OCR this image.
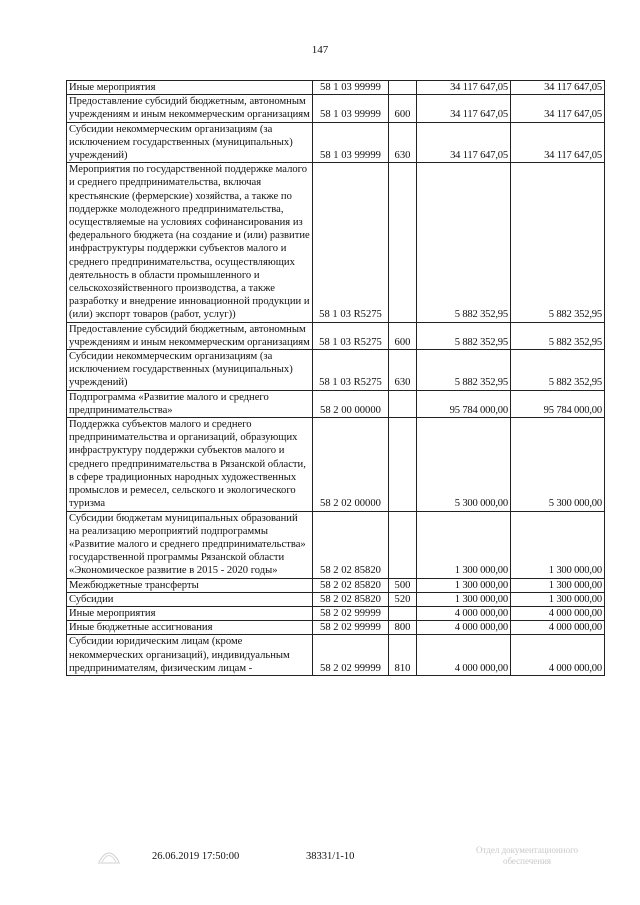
147
Иные мероприятия	58 1 03 99999		34 117 647,05	34 117 647,05
Предоставление субсидий бюджетным, автономным учреждениям и иным некоммерческим организациям	58 1 03 99999	600	34 117 647,05	34 117 647,05
Субсидии некоммерческим организациям (за исключением государственных (муниципальных) учреждений)	58 1 03 99999	630	34 117 647,05	34 117 647,05
Мероприятия по государственной поддержке малого и среднего предпринимательства, включая крестьянские (фермерские) хозяйства, а также по поддержке молодежного предпринимательства, осуществляемые на условиях софинансирования из федерального бюджета (на создание и (или) развитие инфраструктуры поддержки субъектов малого и среднего предпринимательства, осуществляющих деятельность в области промышленного и сельскохозяйственного производства, а также разработку и внедрение инновационной продукции и (или) экспорт товаров (работ, услуг))	58 1 03 R5275		5 882 352,95	5 882 352,95
Предоставление субсидий бюджетным, автономным учреждениям и иным некоммерческим организациям	58 1 03 R5275	600	5 882 352,95	5 882 352,95
Субсидии некоммерческим организациям (за исключением государственных (муниципальных) учреждений)	58 1 03 R5275	630	5 882 352,95	5 882 352,95
Подпрограмма «Развитие малого и среднего предпринимательства»	58 2 00 00000		95 784 000,00	95 784 000,00
Поддержка субъектов малого и среднего предпринимательства и организаций, образующих инфраструктуру поддержки субъектов малого и среднего предпринимательства в Рязанской области, в сфере традиционных народных художественных промыслов и ремесел, сельского и экологического туризма	58 2 02 00000		5 300 000,00	5 300 000,00
Субсидии бюджетам муниципальных образований на реализацию мероприятий подпрограммы «Развитие малого и среднего предпринимательства» государственной программы Рязанской области «Экономическое развитие в 2015 - 2020 годы»	58 2 02 85820		1 300 000,00	1 300 000,00
Межбюджетные трансферты	58 2 02 85820	500	1 300 000,00	1 300 000,00
Субсидии	58 2 02 85820	520	1 300 000,00	1 300 000,00
Иные мероприятия	58 2 02 99999		4 000 000,00	4 000 000,00
Иные бюджетные ассигнования	58 2 02 99999	800	4 000 000,00	4 000 000,00
Субсидии юридическим лицам (кроме некоммерческих организаций), индивидуальным предпринимателям, физическим лицам -	58 2 02 99999	810	4 000 000,00	4 000 000,00
26.06.2019 17:50:00	38331/1-10
Отдел документационного обеспечения
